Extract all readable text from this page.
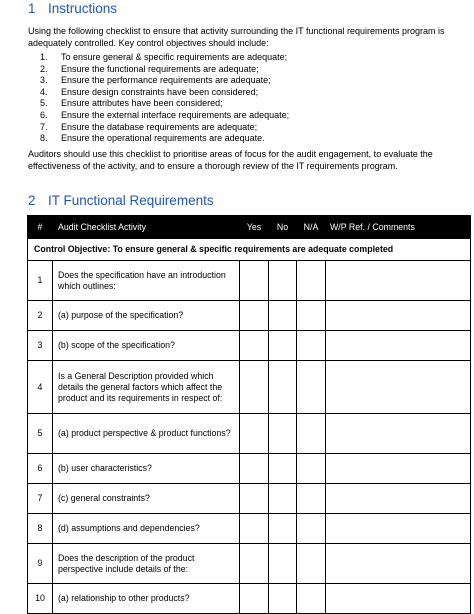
1 Instructions
Using the following checklist to ensure that activity surrounding the IT functional requirements program is adequately controlled. Key control objectives should include:
1.	To ensure general & specific requirements are adequate;
2.	Ensure the functional requirements are adequate;
3.	Ensure the performance requirements are adequate;
4.	Ensure design constraints have been considered;
5.	Ensure attributes have been considered;
6.	Ensure the external interface requirements are adequate;
7.	Ensure the database requirements are adequate;
8.	Ensure the operational requirements are adequate.
Auditors should use this checklist to prioritise areas of focus for the audit engagement, to evaluate the effectiveness of the activity, and to ensure a thorough review of the IT requirements program.
2 IT Functional Requirements
#	Audit Checklist Activity	Yes	No	N/A	W/P Ref. / Comments
Control Objective: To ensure general & specific requirements are adequate completed					
1	Does the specification have an introduction which outlines:				
2	(a) purpose of the specification?				
3	(b) scope of the specification?				
4	Is a General Description provided which details the general factors which affect the product and its requirements in respect of:				
5	(a) product perspective & product functions?				
6	(b) user characteristics?				
7	(c) general constraints?				
8	(d) assumptions and dependencies?				
9	Does the description of the product perspective include details of the:				
10	(a) relationship to other products?				
